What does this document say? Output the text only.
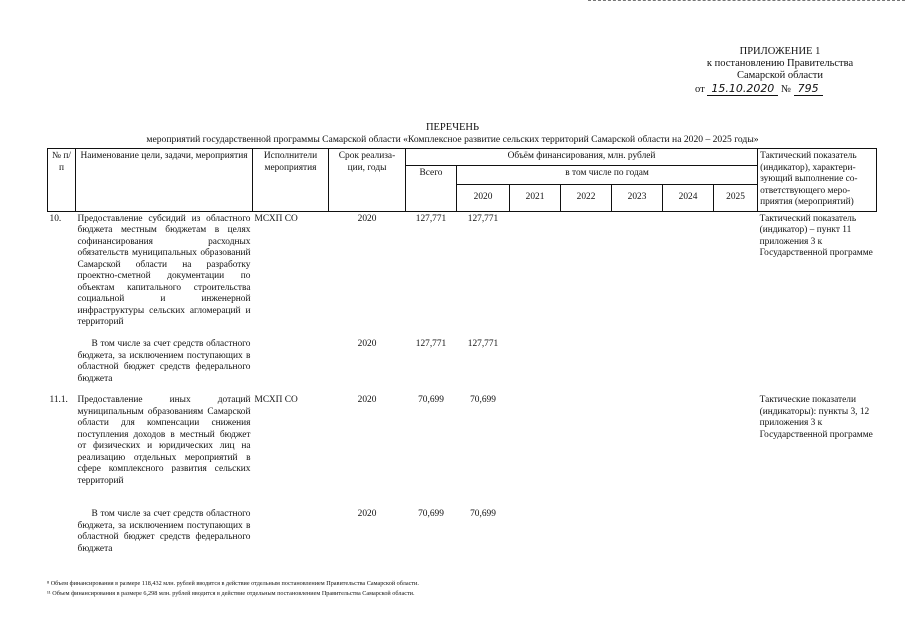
ПРИЛОЖЕНИЕ 1
к постановлению Правительства
Самарской области
от 15.10.2020 № 795
ПЕРЕЧЕНЬ
мероприятий государственной программы Самарской области «Комплексное развитие сельских территорий Самарской области на 2020 – 2025 годы»
№ п/п	Наименование цели, задачи, мероприятия	Исполнители мероприятия	Срок реализа- ции, годы	Объём финансирования, млн. рублей							Тактический показатель (индикатор), характери- зующий выполнение со- ответствующего меро- приятия (мероприятий)
				Всего	в том числе по годам						
					2020	2021	2022	2023	2024	2025	
10.	Предоставление субсидий из областного бюджета местным бюджетам в целях софинансирования расходных обязательств муниципальных образований Самарской области на разработку проектно-сметной документации по объектам капитального строительства социальной и инженерной инфраструктуры сельских агломераций и территорий	МСХП СО	2020	127,771	127,771						Тактический показатель (индикатор) – пункт 11 приложения 3 к Государственной программе
	В том числе за счет средств областного бюджета, за исключением поступающих в областной бюджет средств федерального бюджета		2020	127,771	127,771						
11.1.	Предоставление иных дотаций муниципальным образованиям Самарской области для компенсации снижения поступления доходов в местный бюджет от физических и юридических лиц на реализацию отдельных мероприятий в сфере комплексного развития сельских территорий	МСХП СО	2020	70,699	70,699						Тактические показатели (индикаторы): пункты 3, 12 приложения 3 к Государственной программе
	В том числе за счет средств областного бюджета, за исключением поступающих в областной бюджет средств федерального бюджета		2020	70,699	70,699						
⁸ Объем финансирования в размере 118,432 млн. рублей вводится в действие отдельным постановлением Правительства Самарской области.
¹¹ Объем финансирования в размере 6,298 млн. рублей вводится в действие отдельным постановлением Правительства Самарской области.
